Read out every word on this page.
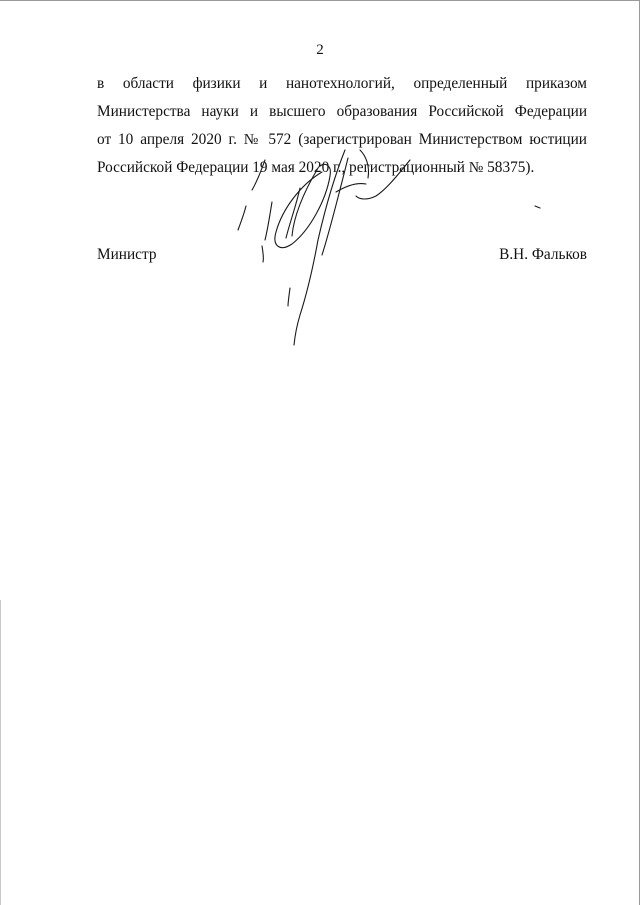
2
в области физики и нанотехнологий, определенный приказом
Министерства науки и высшего образования Российской Федерации
от 10 апреля 2020 г. № 572 (зарегистрирован Министерством юстиции
Российской Федерации 19 мая 2020 г., регистрационный № 58375).
Министр	В.Н. Фальков
